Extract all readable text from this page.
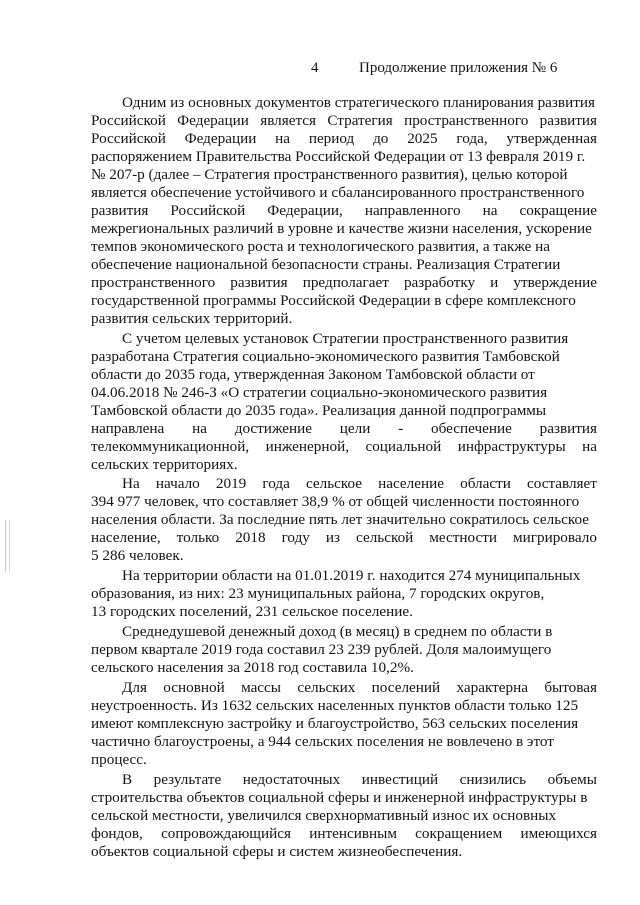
4	Продолжение приложения № 6
Одним из основных документов стратегического планирования развития
Российской Федерации является Стратегия пространственного развития
Российской Федерации на период до 2025 года, утвержденная
распоряжением Правительства Российской Федерации от 13 февраля 2019 г.
№ 207-р (далее – Стратегия пространственного развития), целью которой
является обеспечение устойчивого и сбалансированного пространственного
развития Российской Федерации, направленного на сокращение
межрегиональных различий в уровне и качестве жизни населения, ускорение
темпов экономического роста и технологического развития, а также на
обеспечение национальной безопасности страны. Реализация Стратегии
пространственного развития предполагает разработку и утверждение
государственной программы Российской Федерации в сфере комплексного
развития сельских территорий.
С учетом целевых установок Стратегии пространственного развития
разработана Стратегия социально-экономического развития Тамбовской
области до 2035 года, утвержденная Законом Тамбовской области от
04.06.2018 № 246-З «О стратегии социально-экономического развития
Тамбовской области до 2035 года». Реализация данной подпрограммы
направлена на достижение цели - обеспечение развития
телекоммуникационной, инженерной, социальной инфраструктуры на
сельских территориях.
На начало 2019 года сельское население области составляет
394 977 человек, что составляет 38,9 % от общей численности постоянного
населения области. За последние пять лет значительно сократилось сельское
население, только 2018 году из сельской местности мигрировало
5 286 человек.
На территории области на 01.01.2019 г. находится 274 муниципальных
образования, из них: 23 муниципальных района, 7 городских округов,
13 городских поселений, 231 сельское поселение.
Среднедушевой денежный доход (в месяц) в среднем по области в
первом квартале 2019 года составил 23 239 рублей. Доля малоимущего
сельского населения за 2018 год составила 10,2%.
Для основной массы сельских поселений характерна бытовая
неустроенность. Из 1632 сельских населенных пунктов области только 125
имеют комплексную застройку и благоустройство, 563 сельских поселения
частично благоустроены, а 944 сельских поселения не вовлечено в этот
процесс.
В результате недостаточных инвестиций снизились объемы
строительства объектов социальной сферы и инженерной инфраструктуры в
сельской местности, увеличился сверхнормативный износ их основных
фондов, сопровождающийся интенсивным сокращением имеющихся
объектов социальной сферы и систем жизнеобеспечения.
